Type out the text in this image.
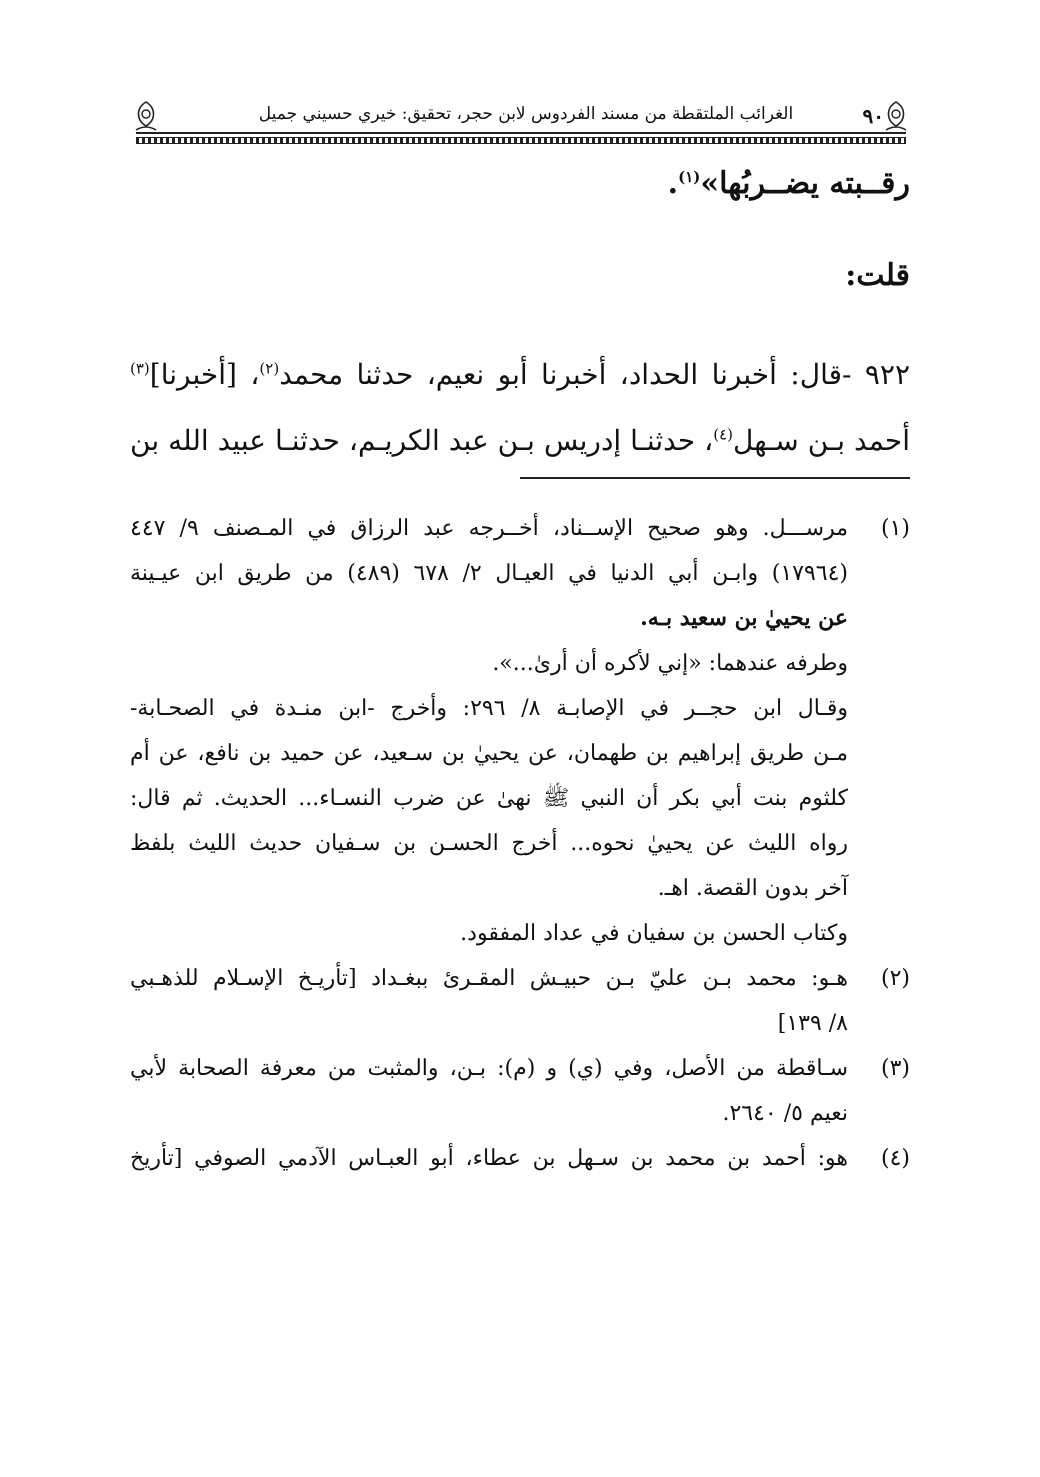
الغرائب الملتقطة من مسند الفردوس لابن حجر، تحقيق: خيري حسيني جميل	٩٠
رقــبته يضــربُها»$^{(١)}$.
قلت:

٩٢٢ -قال: أخبرنا الحداد، أخبرنا أبو نعيم، حدثنا محمد$^{(٢)}$، [أخبرنا]$^{(٣)}$

أحمد بـن سـهل$^{(٤)}$، حدثنـا إدريس بـن عبد الكريـم، حدثنـا عبيد الله بن

(١)

مرســـل. وهو صحيح الإســناد، أخــرجه عبد الرزاق في المـصنف ٩/ ٤٤٧

(١٧٩٦٤) وابـن أبي الدنيا في العيـال ٢/ ٦٧٨ (٤٨٩) من طريق ابن عيـينة

عن يحييٰ بن سعيد بـه.

وطرفه عندهما: «إني لأكره أن أرىٰ...».

وقـال ابن حجــر في الإصابـة ٨/ ٢٩٦: وأخرج -ابن منـدة في الصحـابة-

مـن طريق إبراهيم بن طهمان، عن يحييٰ بن سـعيد، عن حميد بن نافع، عن أم

كلثوم بنت أبي بكر أن النبي ﷺ نهىٰ عن ضرب النسـاء... الحديث. ثم قال:

رواه الليث عن يحييٰ نحوه... أخرج الحسـن بن سـفيان حديث الليث بلفظ

آخر بدون القصة. اهـ.

وكتاب الحسن بن سفيان في عداد المفقود.

(٢)

هـو: محمد بـن عليّ بـن حبيـش المقـرئ ببغـداد [تأريـخ الإسـلام للذهـبي

٨/ ١٣٩]

(٣)

سـاقطة من الأصل، وفي (ي) و (م): بـن، والمثبت من معرفة الصحابة لأبي

نعيم ٥/ ٢٦٤٠.

(٤)

هو: أحمد بن محمد بن سـهل بن عطاء، أبو العبـاس الآدمي الصوفي [تأريخ
